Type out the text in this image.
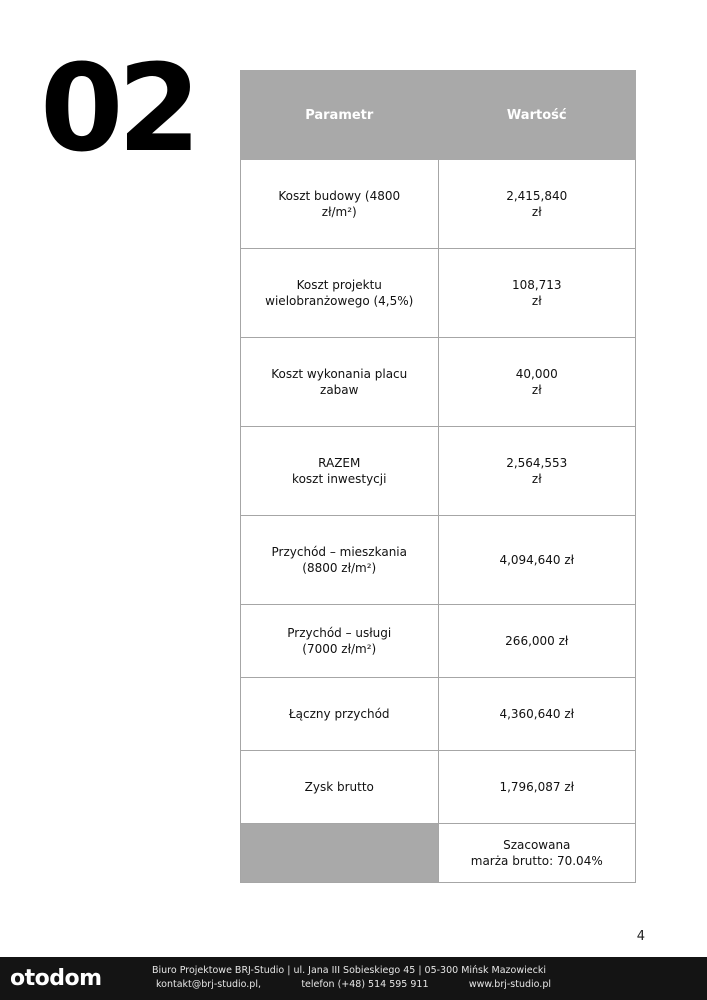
02	Parametr	Wartość

Koszt budowy (4800 zł/m²)	2,415,840
zł

Koszt projektu
wielobranżowego (4,5%)	108,713
zł

Koszt wykonania placu
zabaw	40,000
zł

RAZEM
koszt inwestycji	2,564,553
zł

Przychód – mieszkania
(8800 zł/m²)	4,094,640 zł

Przychód – usługi
(7000 zł/m²)	266,000 zł

Łączny przychód	4,360,640 zł

Zysk brutto	1,796,087 zł

	Szacowana
marża brutto: 70.04%
4
otodom	Biuro Projektowe BRJ-Studio | ul. Jana III Sobieskiego 45 | 05-300 Mińsk Mazowiecki
kontakt@brj-studio.pl,	telefon (+48) 514 595 911	www.brj-studio.pl
